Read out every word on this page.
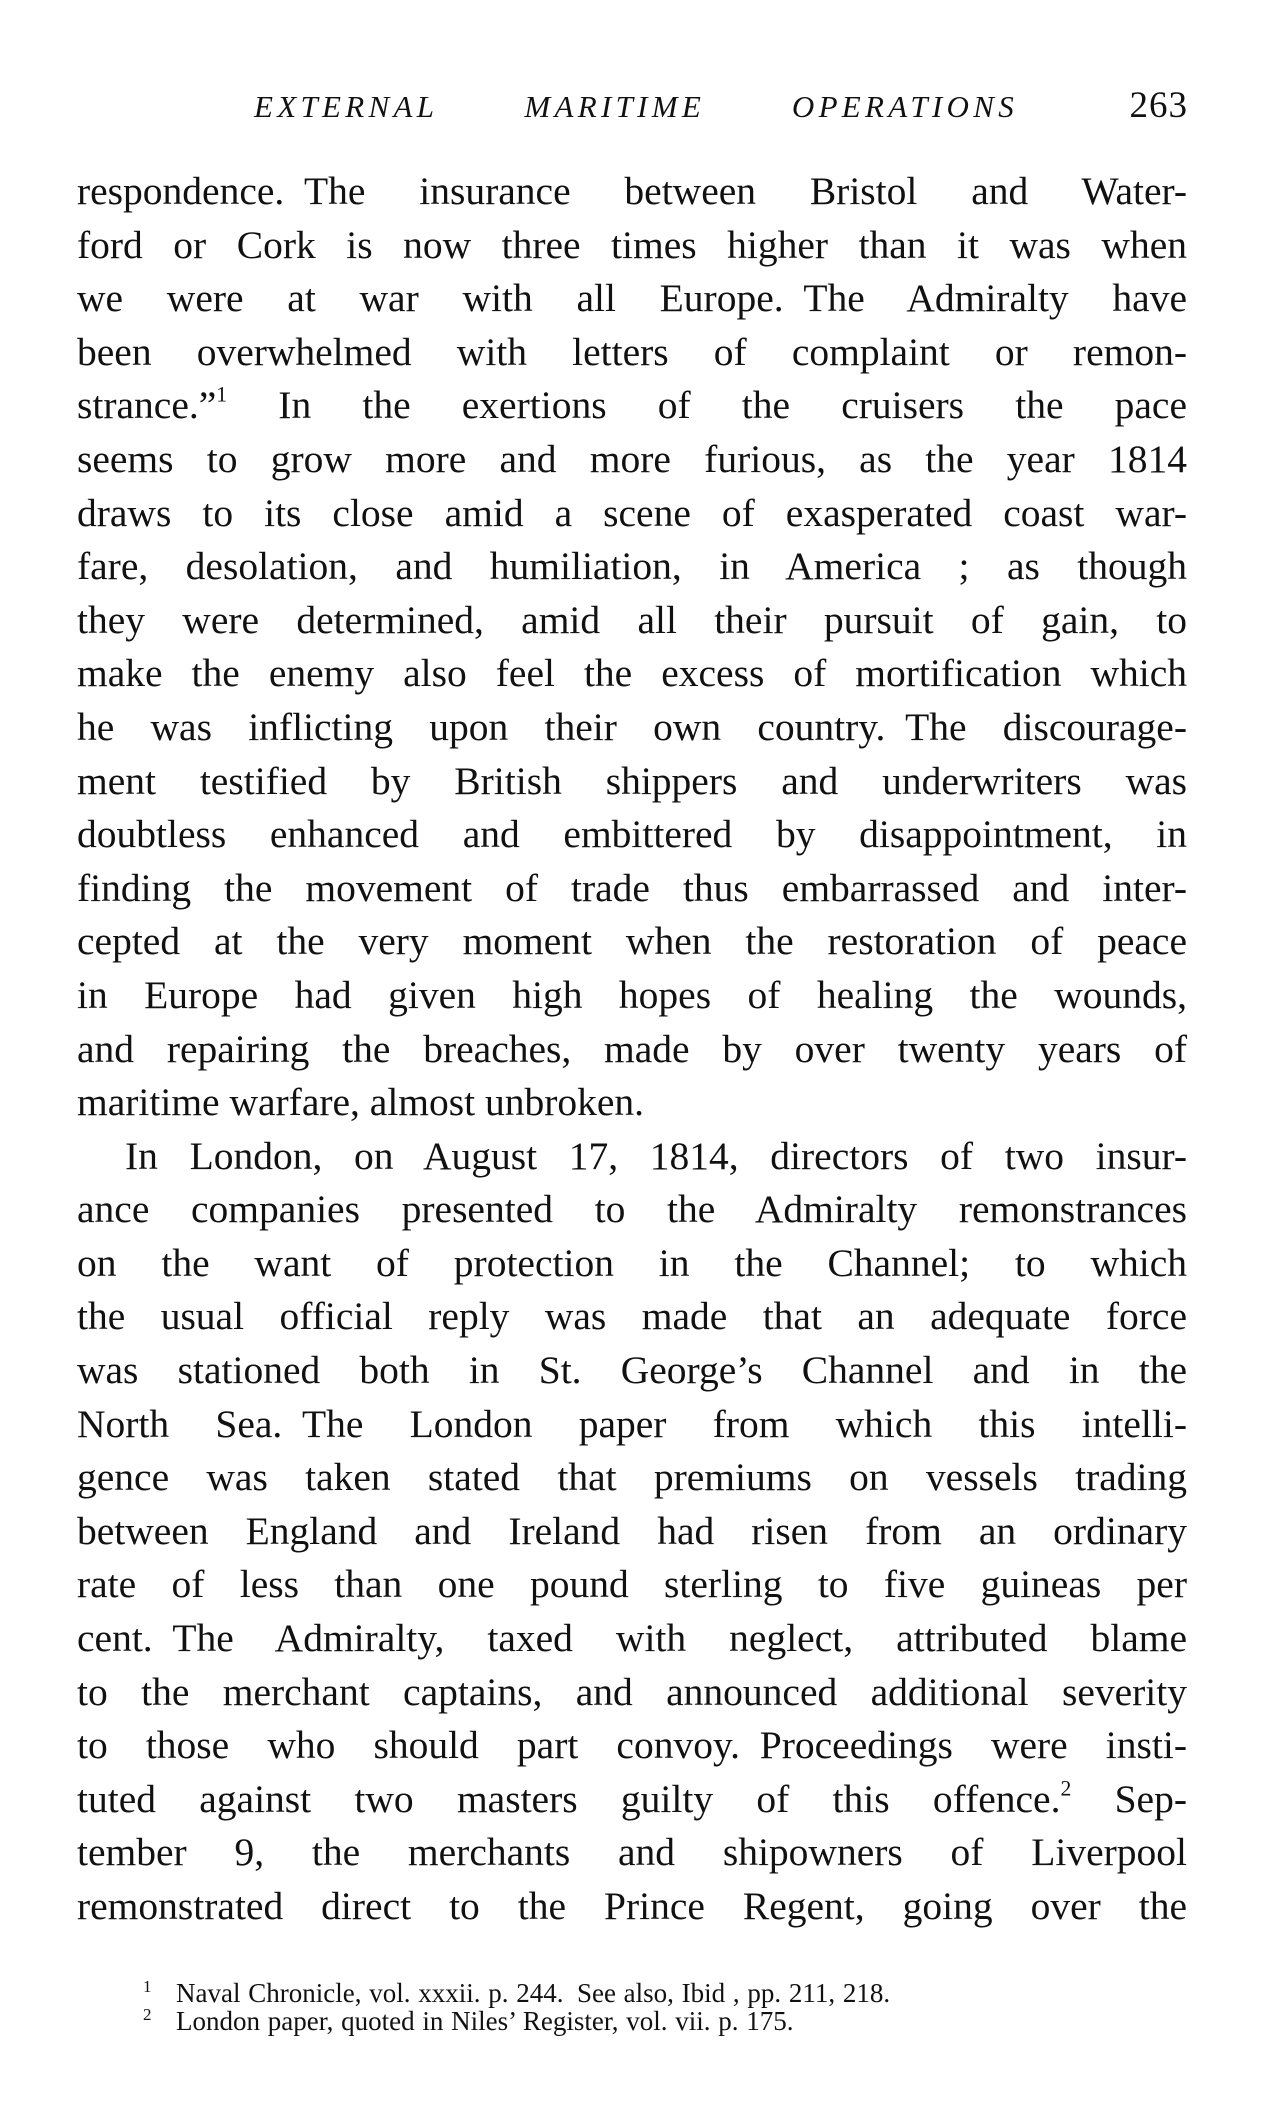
EXTERNAL MARITIME OPERATIONS	263
respondence. The insurance between Bristol and Water-
ford or Cork is now three times higher than it was when
we were at war with all Europe. The Admiralty have
been overwhelmed with letters of complaint or remon-
strance.”$^1$ In the exertions of the cruisers the pace
seems to grow more and more furious, as the year 1814
draws to its close amid a scene of exasperated coast war-
fare, desolation, and humiliation, in America ; as though
they were determined, amid all their pursuit of gain, to
make the enemy also feel the excess of mortification which
he was inflicting upon their own country. The discourage-
ment testified by British shippers and underwriters was
doubtless enhanced and embittered by disappointment, in
finding the movement of trade thus embarrassed and inter-
cepted at the very moment when the restoration of peace
in Europe had given high hopes of healing the wounds,
and repairing the breaches, made by over twenty years of
maritime warfare, almost unbroken.
In London, on August 17, 1814, directors of two insur-
ance companies presented to the Admiralty remonstrances
on the want of protection in the Channel; to which
the usual official reply was made that an adequate force
was stationed both in St. George’s Channel and in the
North Sea. The London paper from which this intelli-
gence was taken stated that premiums on vessels trading
between England and Ireland had risen from an ordinary
rate of less than one pound sterling to five guineas per
cent. The Admiralty, taxed with neglect, attributed blame
to the merchant captains, and announced additional severity
to those who should part convoy. Proceedings were insti-
tuted against two masters guilty of this offence.$^2$ Sep-
tember 9, the merchants and shipowners of Liverpool
remonstrated direct to the Prince Regent, going over the
1 Naval Chronicle, vol. xxxii. p. 244. See also, Ibid , pp. 211, 218.
2 London paper, quoted in Niles’ Register, vol. vii. p. 175.
